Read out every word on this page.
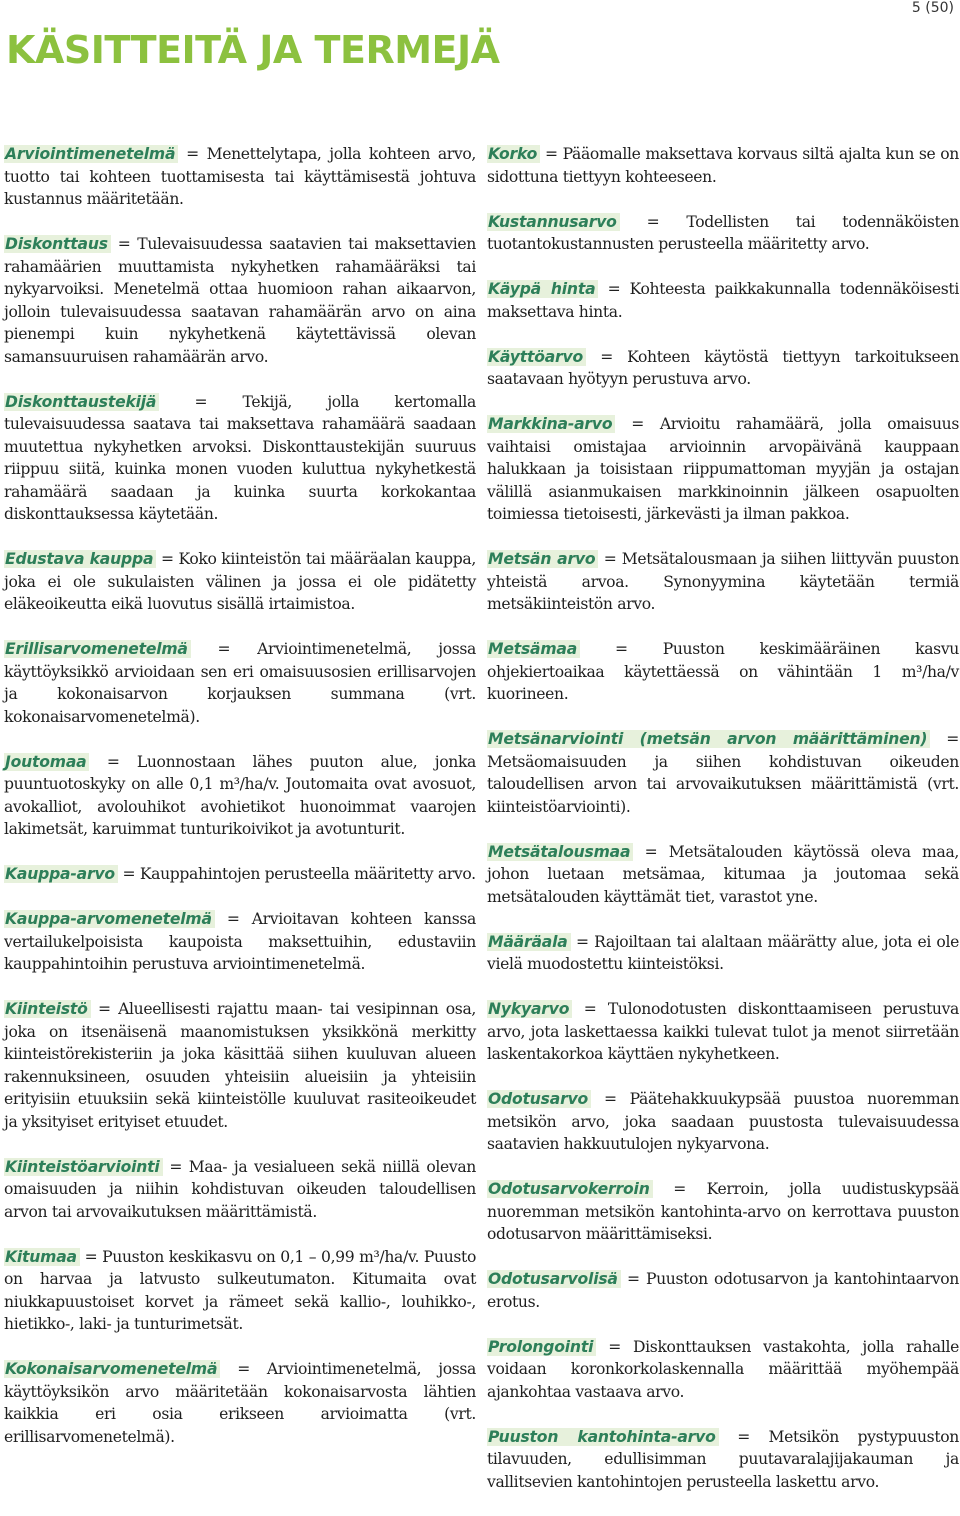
5 (50)
KÄSITTEITÄ JA TERMEJÄ

Arviointimenetelmä = Menettelytapa, jolla kohteen arvo, tuotto tai kohteen tuottamisesta tai käyttämisestä johtuva kustannus määritetään.

Diskonttaus = Tulevaisuudessa saatavien tai maksettavien rahamäärien muuttamista nykyhetken rahamääräksi tai nykyarvoiksi. Menetelmä ottaa huomioon rahan aikaarvon, jolloin tulevaisuudessa saatavan rahamäärän arvo on aina pienempi kuin nykyhetkenä käytettävissä olevan samansuuruisen rahamäärän arvo.

Diskonttaustekijä = Tekijä, jolla kertomalla tulevaisuudessa saatava tai maksettava rahamäärä saadaan muutettua nykyhetken arvoksi. Diskonttaustekijän suuruus riippuu siitä, kuinka monen vuoden kuluttua nykyhetkestä rahamäärä saadaan ja kuinka suurta korkokantaa diskonttauksessa käytetään.

Edustava kauppa = Koko kiinteistön tai määräalan kauppa, joka ei ole sukulaisten välinen ja jossa ei ole pidätetty eläkeoikeutta eikä luovutus sisällä irtaimistoa.

Erillisarvomenetelmä = Arviointimenetelmä, jossa käyttöyksikkö arvioidaan sen eri omaisuusosien erillisarvojen ja kokonaisarvon korjauksen summana (vrt. kokonaisarvomenetelmä).

Joutomaa = Luonnostaan lähes puuton alue, jonka puuntuotoskyky on alle 0,1 m³/ha/v. Joutomaita ovat avosuot, avokalliot, avolouhikot avohietikot huonoimmat vaarojen lakimetsät, karuimmat tunturikoivikot ja avotunturit.

Kauppa-arvo = Kauppahintojen perusteella määritetty arvo.

Kauppa-arvomenetelmä = Arvioitavan kohteen kanssa vertailukelpoisista kaupoista maksettuihin, edustaviin kauppahintoihin perustuva arviointimenetelmä.

Kiinteistö = Alueellisesti rajattu maan- tai vesipinnan osa, joka on itsenäisenä maanomistuksen yksikkönä merkitty kiinteistörekisteriin ja joka käsittää siihen kuuluvan alueen rakennuksineen, osuuden yhteisiin alueisiin ja yhteisiin erityisiin etuuksiin sekä kiinteistölle kuuluvat rasiteoikeudet ja yksityiset erityiset etuudet.

Kiinteistöarviointi = Maa- ja vesialueen sekä niillä olevan omaisuuden ja niihin kohdistuvan oikeuden taloudellisen arvon tai arvovaikutuksen määrittämistä.

Kitumaa = Puuston keskikasvu on 0,1 – 0,99 m³/ha/v. Puusto on harvaa ja latvusto sulkeutumaton. Kitumaita ovat niukkapuustoiset korvet ja rämeet sekä kallio-, louhikko-, hietikko-, laki- ja tunturimetsät.

Kokonaisarvomenetelmä = Arviointimenetelmä, jossa käyttöyksikön arvo määritetään kokonaisarvosta lähtien kaikkia eri osia erikseen arvioimatta (vrt. erillisarvomenetelmä).

Korko = Pääomalle maksettava korvaus siltä ajalta kun se on sidottuna tiettyyn kohteeseen.

Kustannusarvo = Todellisten tai todennäköisten tuotantokustannusten perusteella määritetty arvo.

Käypä hinta = Kohteesta paikkakunnalla todennäköisesti maksettava hinta.

Käyttöarvo = Kohteen käytöstä tiettyyn tarkoitukseen saatavaan hyötyyn perustuva arvo.

Markkina-arvo = Arvioitu rahamäärä, jolla omaisuus vaihtaisi omistajaa arvioinnin arvopäivänä kauppaan halukkaan ja toisistaan riippumattoman myyjän ja ostajan välillä asianmukaisen markkinoinnin jälkeen osapuolten toimiessa tietoisesti, järkevästi ja ilman pakkoa.

Metsän arvo = Metsätalousmaan ja siihen liittyvän puuston yhteistä arvoa. Synonyymina käytetään termiä metsäkiinteistön arvo.

Metsämaa = Puuston keskimääräinen kasvu ohjekiertoaikaa käytettäessä on vähintään 1 m³/ha/v kuorineen.

Metsänarviointi (metsän arvon määrittäminen) = Metsäomaisuuden ja siihen kohdistuvan oikeuden taloudellisen arvon tai arvovaikutuksen määrittämistä (vrt. kiinteistöarviointi).

Metsätalousmaa = Metsätalouden käytössä oleva maa, johon luetaan metsämaa, kitumaa ja joutomaa sekä metsätalouden käyttämät tiet, varastot yne.

Määräala = Rajoiltaan tai alaltaan määrätty alue, jota ei ole vielä muodostettu kiinteistöksi.

Nykyarvo = Tulonodotusten diskonttaamiseen perustuva arvo, jota laskettaessa kaikki tulevat tulot ja menot siirretään laskentakorkoa käyttäen nykyhetkeen.

Odotusarvo = Päätehakkuukypsää puustoa nuoremman metsikön arvo, joka saadaan puustosta tulevaisuudessa saatavien hakkuutulojen nykyarvona.

Odotusarvokerroin = Kerroin, jolla uudistuskypsää nuoremman metsikön kantohinta-arvo on kerrottava puuston odotusarvon määrittämiseksi.

Odotusarvolisä = Puuston odotusarvon ja kantohintaarvon erotus.

Prolongointi = Diskonttauksen vastakohta, jolla rahalle voidaan koronkorkolaskennalla määrittää myöhempää ajankohtaa vastaava arvo.

Puuston kantohinta-arvo = Metsikön pystypuuston tilavuuden, edullisimman puutavaralajijakauman ja vallitsevien kantohintojen perusteella laskettu arvo.
